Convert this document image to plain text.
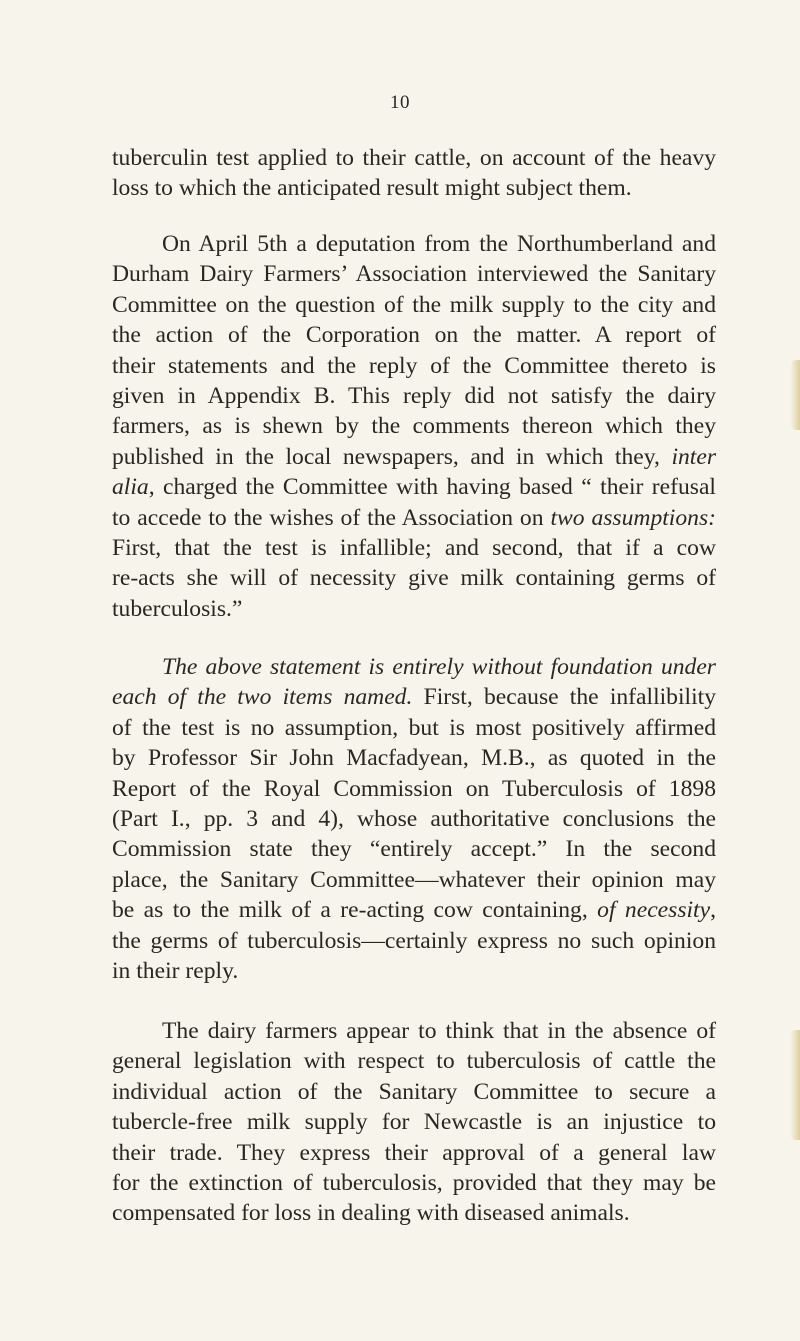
10
tuberculin test applied to their cattle, on account of the heavy
loss to which the anticipated result might subject them.
On April 5th a deputation from the Northumberland and
Durham Dairy Farmers’ Association interviewed the Sanitary
Committee on the question of the milk supply to the city and
the action of the Corporation on the matter. A report of
their statements and the reply of the Committee thereto is
given in Appendix B. This reply did not satisfy the dairy
farmers, as is shewn by the comments thereon which they
published in the local newspapers, and in which they, inter
alia, charged the Committee with having based “ their refusal
to accede to the wishes of the Association on two assumptions:
First, that the test is infallible; and second, that if a cow
re-acts she will of necessity give milk containing germs of
tuberculosis.”
The above statement is entirely without foundation under
each of the two items named. First, because the infallibility
of the test is no assumption, but is most positively affirmed
by Professor Sir John Macfadyean, M.B., as quoted in the
Report of the Royal Commission on Tuberculosis of 1898
(Part I., pp. 3 and 4), whose authoritative conclusions the
Commission state they “entirely accept.” In the second
place, the Sanitary Committee—whatever their opinion may
be as to the milk of a re-acting cow containing, of necessity,
the germs of tuberculosis—certainly express no such opinion
in their reply.
The dairy farmers appear to think that in the absence of
general legislation with respect to tuberculosis of cattle the
individual action of the Sanitary Committee to secure a
tubercle-free milk supply for Newcastle is an injustice to
their trade. They express their approval of a general law
for the extinction of tuberculosis, provided that they may be
compensated for loss in dealing with diseased animals.
